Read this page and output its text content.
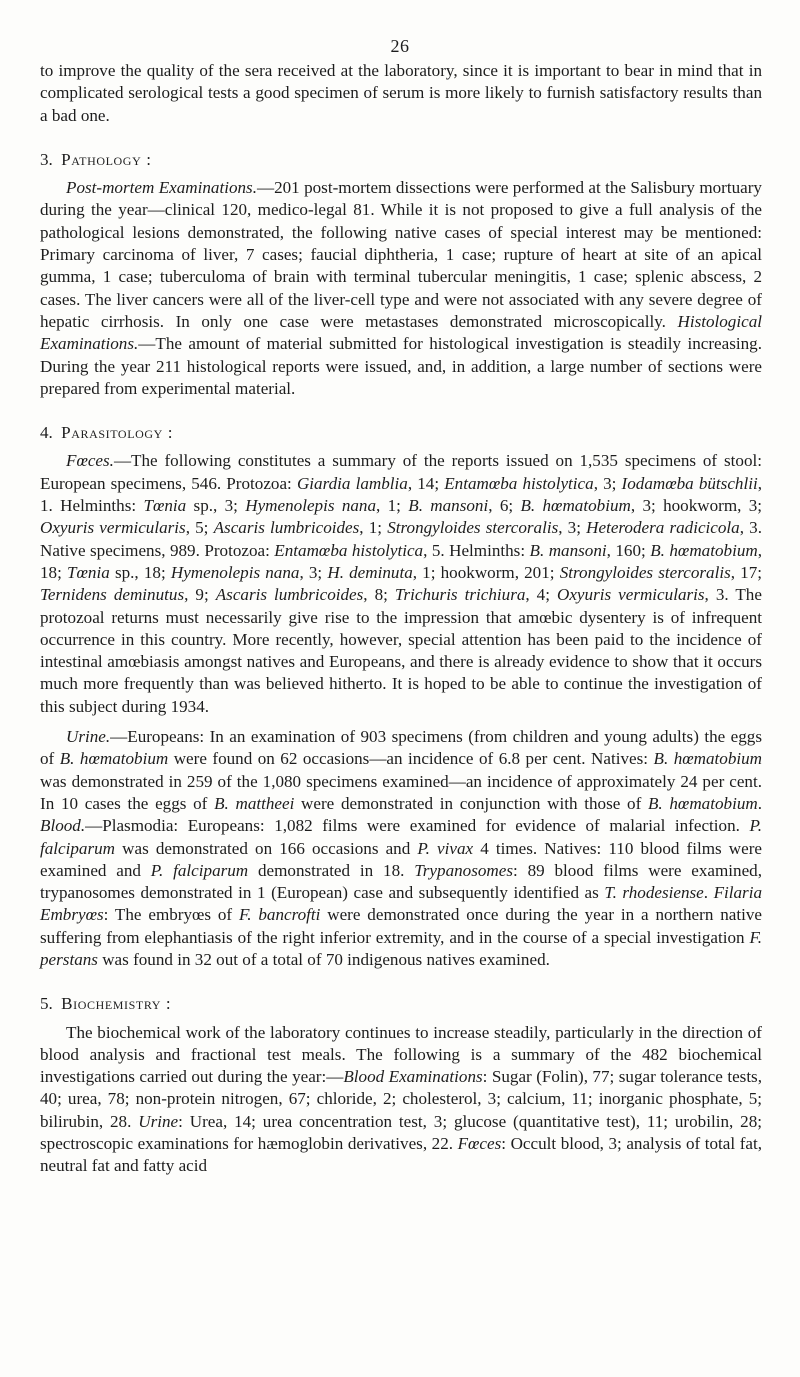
26

to improve the quality of the sera received at the laboratory, since it is important to bear in mind that in complicated serological tests a good specimen of serum is more likely to furnish satisfactory results than a bad one.

3. Pathology :

Post-mortem Examinations.—201 post-mortem dissections were performed at the Salisbury mortuary during the year—clinical 120, medico-legal 81. While it is not proposed to give a full analysis of the pathological lesions demonstrated, the following native cases of special interest may be mentioned: Primary carcinoma of liver, 7 cases; faucial diphtheria, 1 case; rupture of heart at site of an apical gumma, 1 case; tuberculoma of brain with terminal tubercular meningitis, 1 case; splenic abscess, 2 cases. The liver cancers were all of the liver-cell type and were not associated with any severe degree of hepatic cirrhosis. In only one case were metastases demonstrated microscopically. Histological Examinations.—The amount of material submitted for histological investigation is steadily increasing. During the year 211 histological reports were issued, and, in addition, a large number of sections were prepared from experimental material.

4. Parasitology :

Fœces.—The following constitutes a summary of the reports issued on 1,535 specimens of stool: European specimens, 546. Protozoa: Giardia lamblia, 14; Entamœba histolytica, 3; Iodamœba bütschlii, 1. Helminths: Tœnia sp., 3; Hymenolepis nana, 1; B. mansoni, 6; B. hœmatobium, 3; hookworm, 3; Oxyuris vermicularis, 5; Ascaris lumbricoides, 1; Strongyloides stercoralis, 3; Heterodera radicicola, 3. Native specimens, 989. Protozoa: Entamœba histolytica, 5. Helminths: B. mansoni, 160; B. hœmatobium, 18; Tœnia sp., 18; Hymenolepis nana, 3; H. deminuta, 1; hookworm, 201; Strongyloides stercoralis, 17; Ternidens deminutus, 9; Ascaris lumbricoides, 8; Trichuris trichiura, 4; Oxyuris vermicularis, 3. The protozoal returns must necessarily give rise to the impression that amœbic dysentery is of infrequent occurrence in this country. More recently, however, special attention has been paid to the incidence of intestinal amœbiasis amongst natives and Europeans, and there is already evidence to show that it occurs much more frequently than was believed hitherto. It is hoped to be able to continue the investigation of this subject during 1934.

Urine.—Europeans: In an examination of 903 specimens (from children and young adults) the eggs of B. hœmatobium were found on 62 occasions—an incidence of 6.8 per cent. Natives: B. hœmatobium was demonstrated in 259 of the 1,080 specimens examined—an incidence of approximately 24 per cent. In 10 cases the eggs of B. mattheei were demonstrated in conjunction with those of B. hœmatobium. Blood.—Plasmodia: Europeans: 1,082 films were examined for evidence of malarial infection. P. falciparum was demonstrated on 166 occasions and P. vivax 4 times. Natives: 110 blood films were examined and P. falciparum demonstrated in 18. Trypanosomes: 89 blood films were examined, trypanosomes demonstrated in 1 (European) case and subsequently identified as T. rhodesiense. Filaria Embryœs: The embryœs of F. bancrofti were demonstrated once during the year in a northern native suffering from elephantiasis of the right inferior extremity, and in the course of a special investigation F. perstans was found in 32 out of a total of 70 indigenous natives examined.

5. Biochemistry :

The biochemical work of the laboratory continues to increase steadily, particularly in the direction of blood analysis and fractional test meals. The following is a summary of the 482 biochemical investigations carried out during the year:—Blood Examinations: Sugar (Folin), 77; sugar tolerance tests, 40; urea, 78; non-protein nitrogen, 67; chloride, 2; cholesterol, 3; calcium, 11; inorganic phosphate, 5; bilirubin, 28. Urine: Urea, 14; urea concentration test, 3; glucose (quantitative test), 11; urobilin, 28; spectroscopic examinations for hæmoglobin derivatives, 22. Fœces: Occult blood, 3; analysis of total fat, neutral fat and fatty acid
